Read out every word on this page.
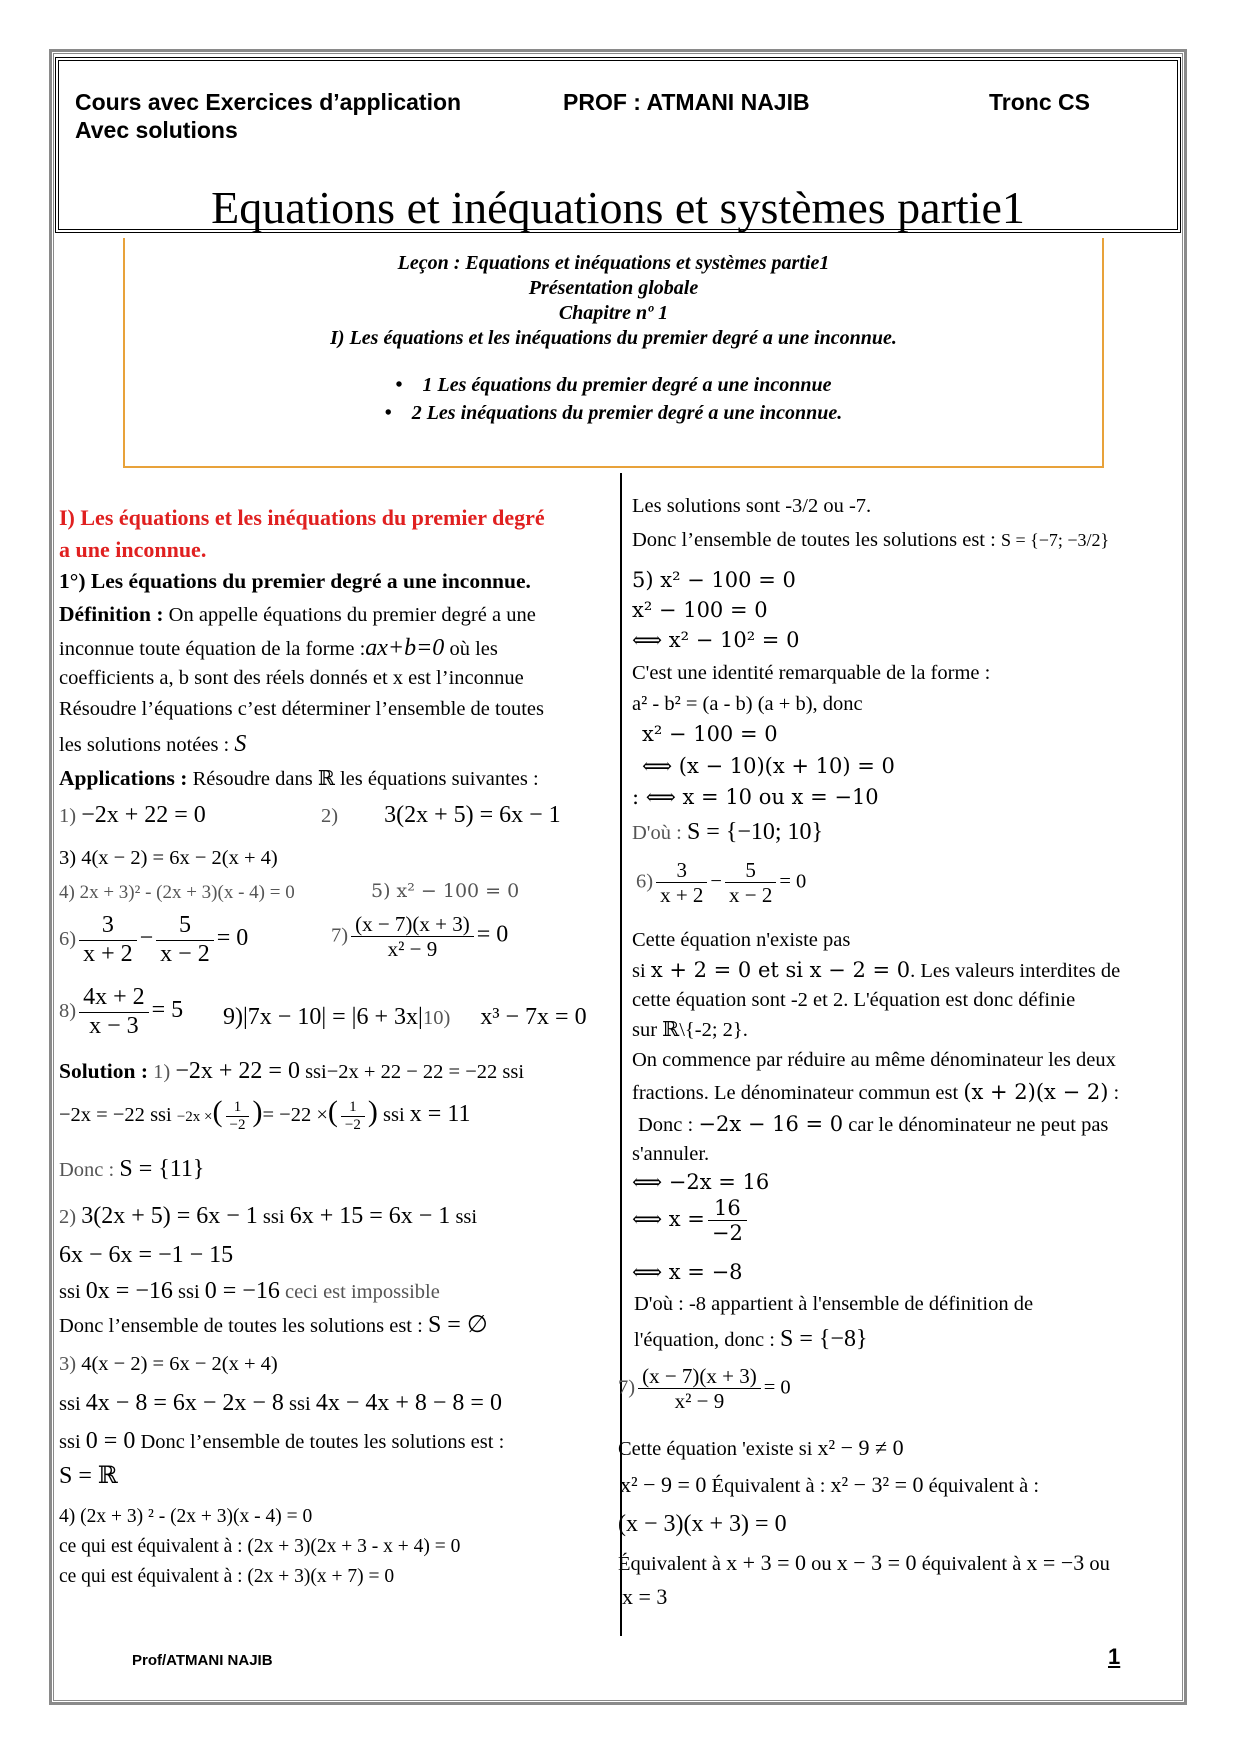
Cours avec Exercices d’application
Avec solutions
PROF : ATMANI NAJIB	Tronc CS
Equations et inéquations et systèmes partie1
Leçon : Equations et inéquations et systèmes partie1
Présentation globale
Chapitre nº 1
I) Les équations et les inéquations du premier degré a une inconnue.
• 1 Les équations du premier degré a une inconnue
• 2 Les inéquations du premier degré a une inconnue.
I) Les équations et les inéquations du premier degré
a une inconnue.
1°) Les équations du premier degré a une inconnue.
Définition : On appelle équations du premier degré a une
inconnue toute équation de la forme :ax+b=0 où les
coefficients a, b sont des réels donnés et x est l’inconnue
Résoudre l’équations c’est déterminer l’ensemble de toutes
les solutions notées : S
Applications : Résoudre dans ℝ les équations suivantes :
1) −2x + 22 = 0	2) 3(2x + 5) = 6x − 1
3) 4(x − 2) = 6x − 2(x + 4)
4) 2x + 3)² - (2x + 3)(x - 4) = 0	5) x² − 100 = 0
$6) \frac{3}{x + 2} - \frac{5}{x - 2} = 0$	$7) \frac{(x - 7)(x + 3)}{\text{x² − 9}} = 0$
$8) \frac{4x + 2}{x - 3} = 5$ 9)|7x − 10| = |6 + 3x| 10) x³ − 7x = 0
Solution : 1) −2x + 22 = 0 ssi−2x + 22 − 22 = −22 ssi
−2x = −22 ssi −2x ×( $\frac{1}{-2}$ )= −22 ×( $\frac{1}{-2}$ ) ssi x = 11
Donc : S = {11}
2) 3(2x + 5) = 6x − 1 ssi 6x + 15 = 6x − 1 ssi
6x − 6x = −1 − 15
ssi 0x = −16 ssi 0 = −16 ceci est impossible
Donc l’ensemble de toutes les solutions est : S = ∅
3) 4(x − 2) = 6x − 2(x + 4)
ssi 4x − 8 = 6x − 2x − 8 ssi 4x − 4x + 8 − 8 = 0
ssi 0 = 0 Donc l’ensemble de toutes les solutions est :
S = ℝ
4) (2x + 3) ² - (2x + 3)(x - 4) = 0
ce qui est équivalent à : (2x + 3)(2x + 3 - x + 4) = 0
ce qui est équivalent à : (2x + 3)(x + 7) = 0
Les solutions sont -3/2 ou -7.
Donc l’ensemble de toutes les solutions est : S = {−7; −3/2}
5) x² − 100 = 0
x² − 100 = 0
⟺ x² − 10² = 0
C'est une identité remarquable de la forme :
a² - b² = (a - b) (a + b), donc
x² − 100 = 0
⟺ (x − 10)(x + 10) = 0
: ⟺ x = 10 ou x = −10
D'où : S = {−10; 10}
$6) \frac{3}{x + 2} - \frac{5}{x - 2} = 0$
Cette équation n'existe pas
si x + 2 = 0 et si x − 2 = 0. Les valeurs interdites de
cette équation sont -2 et 2. L'équation est donc définie
sur ℝ\{-2; 2}.
On commence par réduire au même dénominateur les deux
fractions. Le dénominateur commun est (x + 2)(x − 2) :
Donc : −2x − 16 = 0 car le dénominateur ne peut pas
s'annuler.
⟺ −2x = 16
⟺ $x = \frac{16}{-2}$
⟺ x = −8
D'où : -8 appartient à l'ensemble de définition de
l'équation, donc : S = {−8}
$7) \frac{(x - 7)(x + 3)}{\text{x² − 9}} = 0$
Cette équation 'existe si x² − 9 ≠ 0
x² − 9 = 0 Équivalent à : x² − 3² = 0 équivalent à :
(x − 3)(x + 3) = 0
Équivalent à x + 3 = 0 ou x − 3 = 0 équivalent à x = −3 ou
x = 3
Prof/ATMANI NAJIB	1
